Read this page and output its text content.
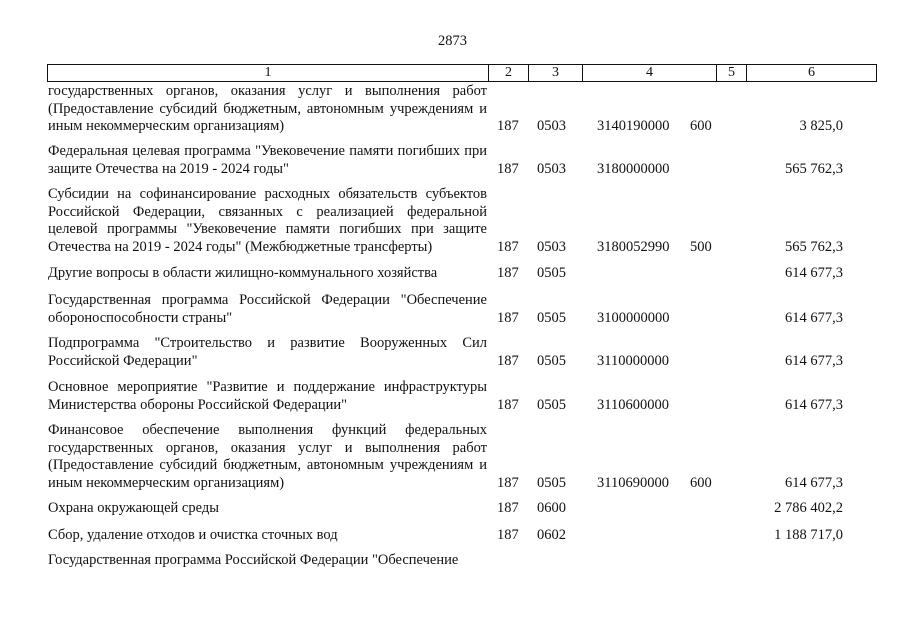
2873
1	2	3	4	5	6
государственных органов, оказания услуг и выполнения работ (Предоставление субсидий бюджетным, автономным учреждениям и иным некоммерческим организациям)	187 0503 3140190000 600	3 825,0
Федеральная целевая программа "Увековечение памяти погибших при защите Отечества на 2019 - 2024 годы"	187 0503 3180000000	565 762,3
Субсидии на софинансирование расходных обязательств субъектов Российской Федерации, связанных с реализацией федеральной целевой программы "Увековечение памяти погибших при защите Отечества на 2019 - 2024 годы" (Межбюджетные трансферты)	187 0503 3180052990 500	565 762,3
Другие вопросы в области жилищно-коммунального хозяйства	187 0505	614 677,3
Государственная программа Российской Федерации "Обеспечение обороноспособности страны"	187 0505 3100000000	614 677,3
Подпрограмма "Строительство и развитие Вооруженных Сил Российской Федерации"	187 0505 3110000000	614 677,3
Основное мероприятие "Развитие и поддержание инфраструктуры Министерства обороны Российской Федерации"	187 0505 3110600000	614 677,3
Финансовое обеспечение выполнения функций федеральных государственных органов, оказания услуг и выполнения работ (Предоставление субсидий бюджетным, автономным учреждениям и иным некоммерческим организациям)	187 0505 3110690000 600	614 677,3
Охрана окружающей среды	187 0600	2 786 402,2
Сбор, удаление отходов и очистка сточных вод	187 0602	1 188 717,0
Государственная программа Российской Федерации "Обеспечение
